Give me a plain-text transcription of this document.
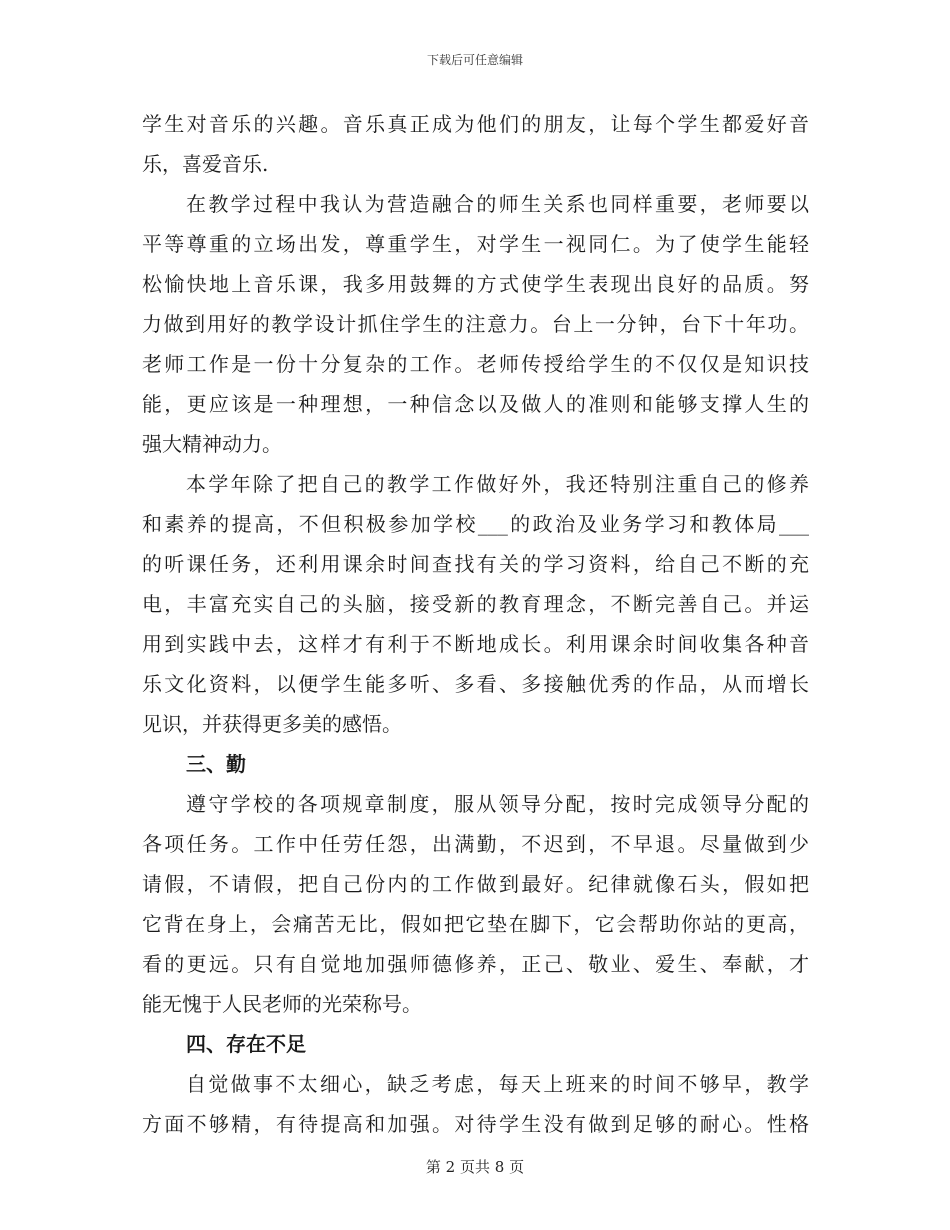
下载后可任意编辑
学生对音乐的兴趣。音乐真正成为他们的朋友，让每个学生都爱好音
乐，喜爱音乐.
在教学过程中我认为营造融合的师生关系也同样重要，老师要以
平等尊重的立场出发，尊重学生，对学生一视同仁。为了使学生能轻
松愉快地上音乐课，我多用鼓舞的方式使学生表现出良好的品质。努
力做到用好的教学设计抓住学生的注意力。台上一分钟，台下十年功。
老师工作是一份十分复杂的工作。老师传授给学生的不仅仅是知识技
能，更应该是一种理想，一种信念以及做人的准则和能够支撑人生的
强大精神动力。
本学年除了把自己的教学工作做好外，我还特别注重自己的修养
和素养的提高，不但积极参加学校___的政治及业务学习和教体局___
的听课任务，还利用课余时间查找有关的学习资料，给自己不断的充
电，丰富充实自己的头脑，接受新的教育理念，不断完善自己。并运
用到实践中去，这样才有利于不断地成长。利用课余时间收集各种音
乐文化资料，以便学生能多听、多看、多接触优秀的作品，从而增长
见识，并获得更多美的感悟。
三、勤
遵守学校的各项规章制度，服从领导分配，按时完成领导分配的
各项任务。工作中任劳任怨，出满勤，不迟到，不早退。尽量做到少
请假，不请假，把自己份内的工作做到最好。纪律就像石头，假如把
它背在身上，会痛苦无比，假如把它垫在脚下，它会帮助你站的更高，
看的更远。只有自觉地加强师德修养，正己、敬业、爱生、奉献，才
能无愧于人民老师的光荣称号。
四、存在不足
自觉做事不太细心，缺乏考虑，每天上班来的时间不够早，教学
方面不够精，有待提高和加强。对待学生没有做到足够的耐心。性格
第 2 页共 8 页
